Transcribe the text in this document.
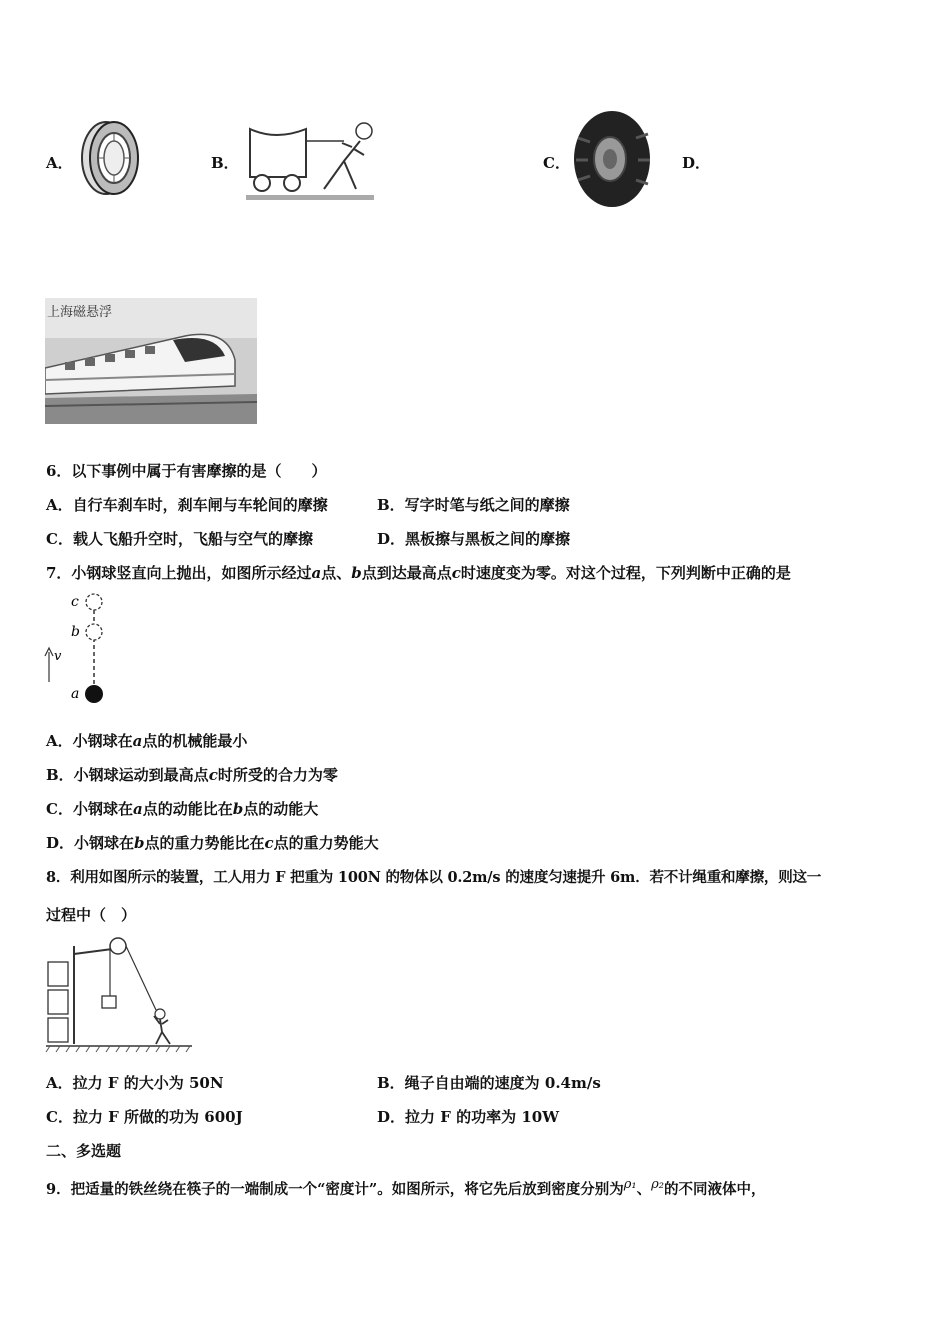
A．	B．	C．	D．
上海磁悬浮
6．以下事例中属于有害摩擦的是（　　）
A．自行车刹车时，刹车闸与车轮间的摩擦	B．写字时笔与纸之间的摩擦
C．载人飞船升空时，飞船与空气的摩擦	D．黑板擦与黑板之间的摩擦
7．小钢球竖直向上抛出，如图所示经过a点、b点到达最高点c时速度变为零。对这个过程，下列判断中正确的是
c
b
a
v
A．小钢球在a点的机械能最小
B．小钢球运动到最高点c时所受的合力为零
C．小钢球在a点的动能比在b点的动能大
D．小钢球在b点的重力势能比在c点的重力势能大
8．利用如图所示的装置，工人用力 F 把重为 100N 的物体以 0.2m/s 的速度匀速提升 6m．若不计绳重和摩擦，则这一
过程中（　）
A．拉力 F 的大小为 50N	B．绳子自由端的速度为 0.4m/s
C．拉力 F 所做的功为 600J	D．拉力 F 的功率为 10W
二、多选题
9．把适量的铁丝绕在筷子的一端制成一个“密度计”。如图所示，将它先后放到密度分别为ρ₁、ρ₂的不同液体中，
